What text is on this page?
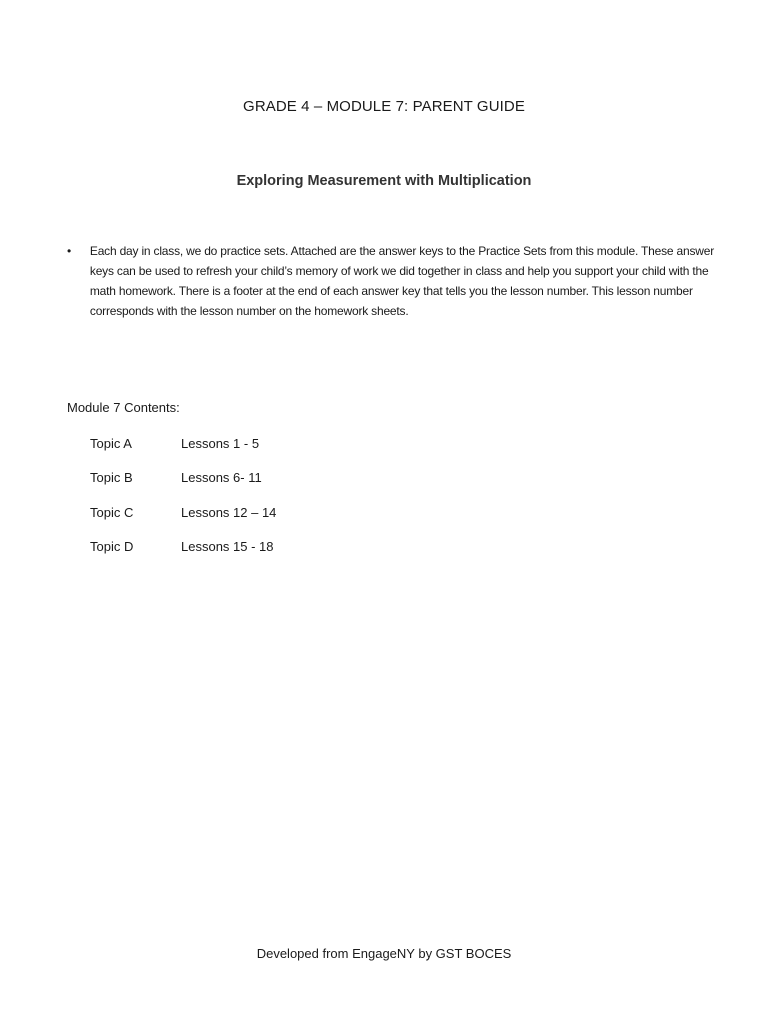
GRADE 4 – MODULE 7: PARENT GUIDE
Exploring Measurement with Multiplication
•	Each day in class, we do practice sets. Attached are the answer keys to the Practice Sets from this module. These answer keys can be used to refresh your child’s memory of work we did together in class and help you support your child with the math homework. There is a footer at the end of each answer key that tells you the lesson number. This lesson number corresponds with the lesson number on the homework sheets.
Module 7 Contents:
Topic A	Lessons 1 - 5
Topic B	Lessons 6- 11
Topic C	Lessons 12 – 14
Topic D	Lessons 15 - 18
Developed from EngageNY by GST BOCES
